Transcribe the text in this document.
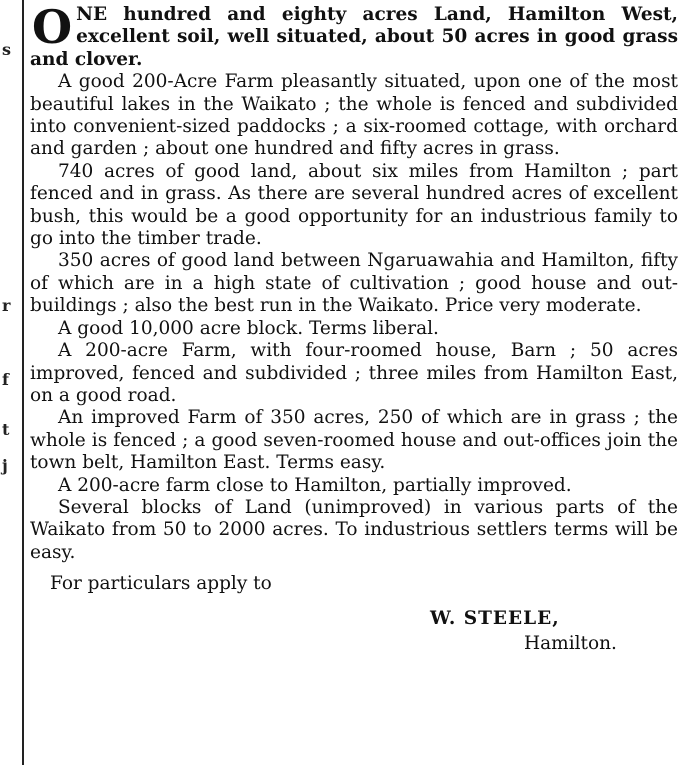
s
r
f
t
j

ONE hundred and eighty acres Land, Hamilton West, excellent soil, well situated, about 50 acres in good grass and clover.

A good 200-Acre Farm pleasantly situated, upon one of the most beautiful lakes in the Waikato ; the whole is fenced and subdivided into convenient-sized paddocks ; a six-roomed cottage, with orchard and garden ; about one hundred and fifty acres in grass.

740 acres of good land, about six miles from Hamilton ; part fenced and in grass. As there are several hundred acres of excellent bush, this would be a good opportunity for an industrious family to go into the timber trade.

350 acres of good land between Ngaruawahia and Hamilton, fifty of which are in a high state of cultivation ; good house and out-buildings ; also the best run in the Waikato. Price very moderate.

A good 10,000 acre block. Terms liberal.

A 200-acre Farm, with four-roomed house, Barn ; 50 acres improved, fenced and subdivided ; three miles from Hamilton East, on a good road.

An improved Farm of 350 acres, 250 of which are in grass ; the whole is fenced ; a good seven-roomed house and out-offices join the town belt, Hamilton East. Terms easy.

A 200-acre farm close to Hamilton, partially improved.

Several blocks of Land (unimproved) in various parts of the Waikato from 50 to 2000 acres. To industrious settlers terms will be easy.

For particulars apply to
W. STEELE,
Hamilton.
